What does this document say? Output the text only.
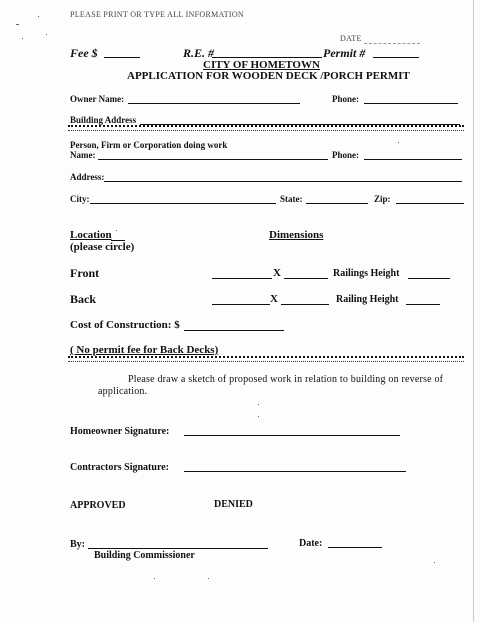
PLEASE PRINT OR TYPE ALL INFORMATION
DATE
Fee $	R.E. #	Permit #
CITY OF HOMETOWN
APPLICATION FOR WOODEN DECK /PORCH PERMIT
Owner Name:	Phone:
Building Address
Person, Firm or Corporation doing work
Name:	Phone:
Address:
City:	State:	Zip:
Location
(please circle)
Dimensions
Front	X	Railings Height
Back	X	Railing Height
Cost of Construction: $
( No permit fee for Back Decks)
Please draw a sketch of proposed work in relation to building on reverse of
application.
Homeowner Signature:
Contractors Signature:
APPROVED	DENIED
By:	Date:
Building Commissioner
